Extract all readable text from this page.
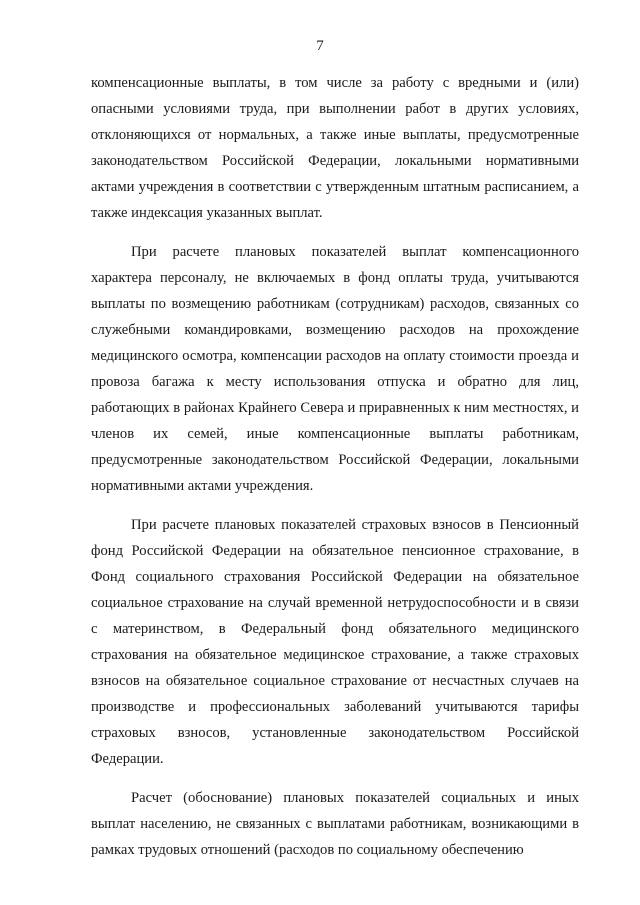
7

компенсационные выплаты, в том числе за работу с вредными и (или) опасными условиями труда, при выполнении работ в других условиях, отклоняющихся от нормальных, а также иные выплаты, предусмотренные законодательством Российской Федерации, локальными нормативными актами учреждения в соответствии с утвержденным штатным расписанием, а также индексация указанных выплат.

При расчете плановых показателей выплат компенсационного характера персоналу, не включаемых в фонд оплаты труда, учитываются выплаты по возмещению работникам (сотрудникам) расходов, связанных со служебными командировками, возмещению расходов на прохождение медицинского осмотра, компенсации расходов на оплату стоимости проезда и провоза багажа к месту использования отпуска и обратно для лиц, работающих в районах Крайнего Севера и приравненных к ним местностях, и членов их семей, иные компенсационные выплаты работникам, предусмотренные законодательством Российской Федерации, локальными нормативными актами учреждения.

При расчете плановых показателей страховых взносов в Пенсионный фонд Российской Федерации на обязательное пенсионное страхование, в Фонд социального страхования Российской Федерации на обязательное социальное страхование на случай временной нетрудоспособности и в связи с материнством, в Федеральный фонд обязательного медицинского страхования на обязательное медицинское страхование, а также страховых взносов на обязательное социальное страхование от несчастных случаев на производстве и профессиональных заболеваний учитываются тарифы страховых взносов, установленные законодательством Российской Федерации.

Расчет (обоснование) плановых показателей социальных и иных выплат населению, не связанных с выплатами работникам, возникающими в рамках трудовых отношений (расходов по социальному обеспечению
